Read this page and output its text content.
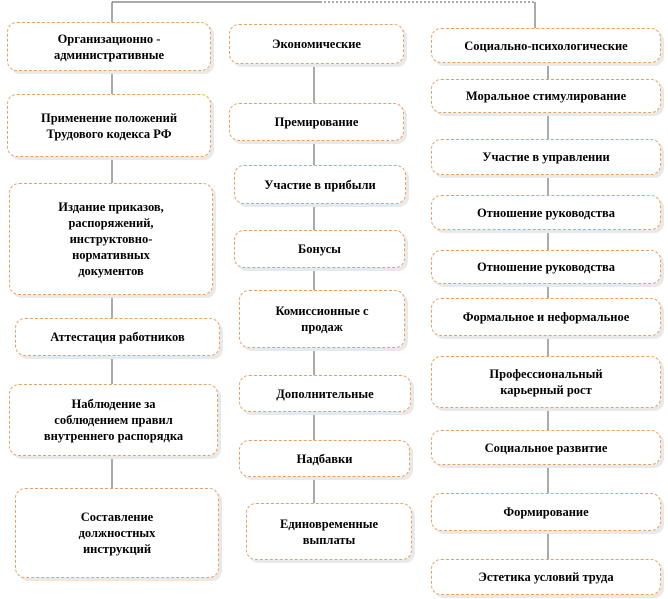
Организационно -
административные
Применение положений
Трудового кодекса РФ
Издание приказов,
распоряжений,
инструктовно-
нормативных
документов
Аттестация работников
Наблюдение за
соблюдением правил
внутреннего распорядка
Составление
должностных
инструкций
Экономические
Премирование
Участие в прибыли
Бонусы
Комиссионные с
продаж
Дополнительные
Надбавки
Единовременные
выплаты
Социально-психологические
Моральное стимулирование
Участие в управлении
Отношение руководства
Отношение руководства
Формальное и неформальное
Профессиональный
карьерный рост
Социальное развитие
Формирование
Эстетика условий труда
